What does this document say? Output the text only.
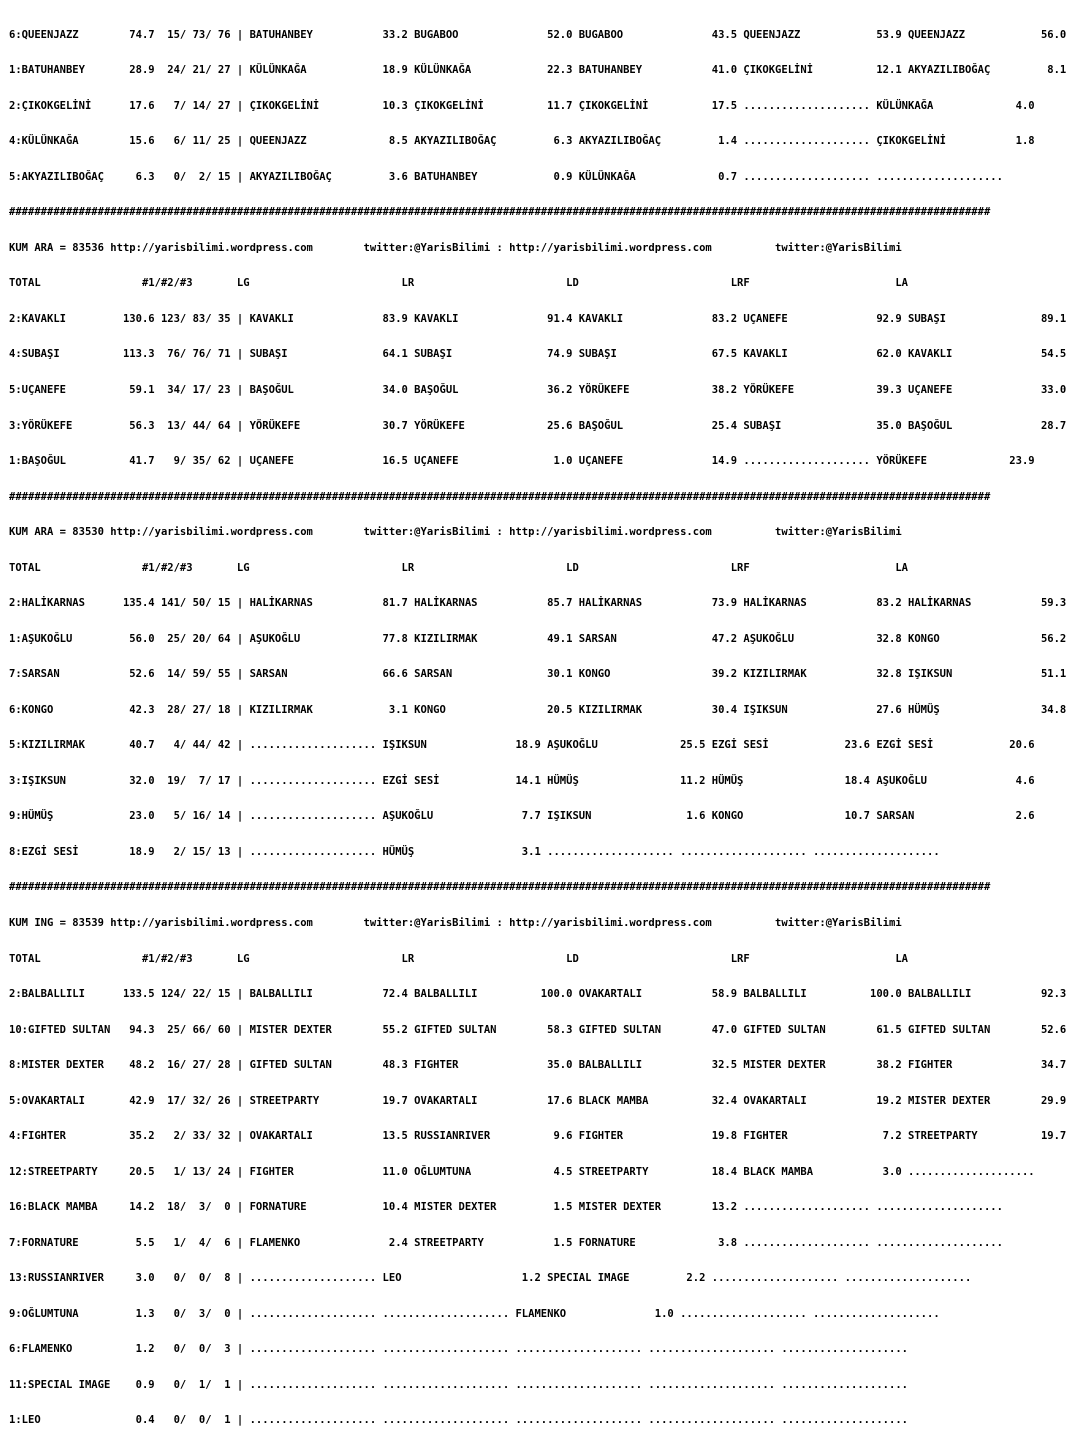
6:QUEENJAZZ        74.7  15/ 73/ 76 | BATUHANBEY           33.2 BUGABOO              52.0 BUGABOO              43.5 QUEENJAZZ            53.9 QUEENJAZZ            56.0

1:BATUHANBEY       28.9  24/ 21/ 27 | KÜLÜNKAĞA            18.9 KÜLÜNKAĞA            22.3 BATUHANBEY           41.0 ÇIKOKGELİNİ          12.1 AKYAZILIBOĞAÇ         8.1

2:ÇIKOKGELİNİ      17.6   7/ 14/ 27 | ÇIKOKGELİNİ          10.3 ÇIKOKGELİNİ          11.7 ÇIKOKGELİNİ          17.5 .................... KÜLÜNKAĞA             4.0

4:KÜLÜNKAĞA        15.6   6/ 11/ 25 | QUEENJAZZ             8.5 AKYAZILIBOĞAÇ         6.3 AKYAZILIBOĞAÇ         1.4 .................... ÇIKOKGELİNİ           1.8

5:AKYAZILIBOĞAÇ     6.3   0/  2/ 15 | AKYAZILIBOĞAÇ         3.6 BATUHANBEY            0.9 KÜLÜNKAĞA             0.7 .................... ....................

###########################################################################################################################################################

KUM ARA = 83536 http://yarisbilimi.wordpress.com        twitter:@YarisBilimi : http://yarisbilimi.wordpress.com          twitter:@YarisBilimi

TOTAL                #1/#2/#3       LG                        LR                        LD                        LRF                       LA

2:KAVAKLI         130.6 123/ 83/ 35 | KAVAKLI              83.9 KAVAKLI              91.4 KAVAKLI              83.2 UÇANEFE              92.9 SUBAŞI               89.1

4:SUBAŞI          113.3  76/ 76/ 71 | SUBAŞI               64.1 SUBAŞI               74.9 SUBAŞI               67.5 KAVAKLI              62.0 KAVAKLI              54.5

5:UÇANEFE          59.1  34/ 17/ 23 | BAŞOĞUL              34.0 BAŞOĞUL              36.2 YÖRÜKEFE             38.2 YÖRÜKEFE             39.3 UÇANEFE              33.0

3:YÖRÜKEFE         56.3  13/ 44/ 64 | YÖRÜKEFE             30.7 YÖRÜKEFE             25.6 BAŞOĞUL              25.4 SUBAŞI               35.0 BAŞOĞUL              28.7

1:BAŞOĞUL          41.7   9/ 35/ 62 | UÇANEFE              16.5 UÇANEFE               1.0 UÇANEFE              14.9 .................... YÖRÜKEFE             23.9

###########################################################################################################################################################

KUM ARA = 83530 http://yarisbilimi.wordpress.com        twitter:@YarisBilimi : http://yarisbilimi.wordpress.com          twitter:@YarisBilimi

TOTAL                #1/#2/#3       LG                        LR                        LD                        LRF                       LA

2:HALİKARNAS      135.4 141/ 50/ 15 | HALİKARNAS           81.7 HALİKARNAS           85.7 HALİKARNAS           73.9 HALİKARNAS           83.2 HALİKARNAS           59.3

1:AŞUKOĞLU         56.0  25/ 20/ 64 | AŞUKOĞLU             77.8 KIZILIRMAK           49.1 SARSAN               47.2 AŞUKOĞLU             32.8 KONGO                56.2

7:SARSAN           52.6  14/ 59/ 55 | SARSAN               66.6 SARSAN               30.1 KONGO                39.2 KIZILIRMAK           32.8 IŞIKSUN              51.1

6:KONGO            42.3  28/ 27/ 18 | KIZILIRMAK            3.1 KONGO                20.5 KIZILIRMAK           30.4 IŞIKSUN              27.6 HÜMÜŞ                34.8

5:KIZILIRMAK       40.7   4/ 44/ 42 | .................... IŞIKSUN              18.9 AŞUKOĞLU             25.5 EZGİ SESİ            23.6 EZGİ SESİ            20.6

3:IŞIKSUN          32.0  19/  7/ 17 | .................... EZGİ SESİ            14.1 HÜMÜŞ                11.2 HÜMÜŞ                18.4 AŞUKOĞLU              4.6

9:HÜMÜŞ            23.0   5/ 16/ 14 | .................... AŞUKOĞLU              7.7 IŞIKSUN               1.6 KONGO                10.7 SARSAN                2.6

8:EZGİ SESİ        18.9   2/ 15/ 13 | .................... HÜMÜŞ                 3.1 .................... .................... ....................

###########################################################################################################################################################

KUM ING = 83539 http://yarisbilimi.wordpress.com        twitter:@YarisBilimi : http://yarisbilimi.wordpress.com          twitter:@YarisBilimi

TOTAL                #1/#2/#3       LG                        LR                        LD                        LRF                       LA

2:BALBALLILI      133.5 124/ 22/ 15 | BALBALLILI           72.4 BALBALLILI          100.0 OVAKARTALI           58.9 BALBALLILI          100.0 BALBALLILI           92.3

10:GIFTED SULTAN   94.3  25/ 66/ 60 | MISTER DEXTER        55.2 GIFTED SULTAN        58.3 GIFTED SULTAN        47.0 GIFTED SULTAN        61.5 GIFTED SULTAN        52.6

8:MISTER DEXTER    48.2  16/ 27/ 28 | GIFTED SULTAN        48.3 FIGHTER              35.0 BALBALLILI           32.5 MISTER DEXTER        38.2 FIGHTER              34.7

5:OVAKARTALI       42.9  17/ 32/ 26 | STREETPARTY          19.7 OVAKARTALI           17.6 BLACK MAMBA          32.4 OVAKARTALI           19.2 MISTER DEXTER        29.9

4:FIGHTER          35.2   2/ 33/ 32 | OVAKARTALI           13.5 RUSSIANRIVER          9.6 FIGHTER              19.8 FIGHTER               7.2 STREETPARTY          19.7

12:STREETPARTY     20.5   1/ 13/ 24 | FIGHTER              11.0 OĞLUMTUNA             4.5 STREETPARTY          18.4 BLACK MAMBA           3.0 ....................

16:BLACK MAMBA     14.2  18/  3/  0 | FORNATURE            10.4 MISTER DEXTER         1.5 MISTER DEXTER        13.2 .................... ....................

7:FORNATURE         5.5   1/  4/  6 | FLAMENKO              2.4 STREETPARTY           1.5 FORNATURE             3.8 .................... ....................

13:RUSSIANRIVER     3.0   0/  0/  8 | .................... LEO                   1.2 SPECIAL IMAGE         2.2 .................... ....................

9:OĞLUMTUNA         1.3   0/  3/  0 | .................... .................... FLAMENKO              1.0 .................... ....................

6:FLAMENKO          1.2   0/  0/  3 | .................... .................... .................... .................... ....................

11:SPECIAL IMAGE    0.9   0/  1/  1 | .................... .................... .................... .................... ....................

1:LEO               0.4   0/  0/  1 | .................... .................... .................... .................... ....................
